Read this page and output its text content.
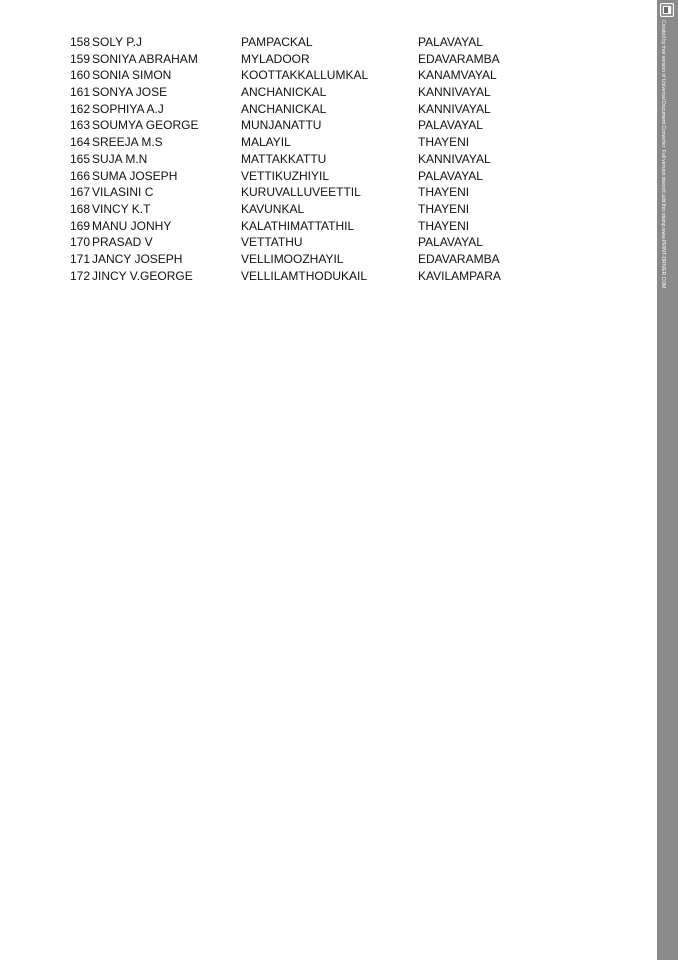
158 SOLY P.J	PAMPACKAL	PALAVAYAL
159 SONIYA ABRAHAM	MYLADOOR	EDAVARAMBA
160 SONIA SIMON	KOOTTAKKALLUMKAL	KANAMVAYAL
161 SONYA JOSE	ANCHANICKAL	KANNIVAYAL
162 SOPHIYA A.J	ANCHANICKAL	KANNIVAYAL
163 SOUMYA GEORGE	MUNJANATTU	PALAVAYAL
164 SREEJA M.S	MALAYIL	THAYENI
165 SUJA M.N	MATTAKKATTU	KANNIVAYAL
166 SUMA JOSEPH	VETTIKUZHIYIL	PALAVAYAL
167 VILASINI C	KURUVALLUVEETTIL	THAYENI
168 VINCY K.T	KAVUNKAL	THAYENI
169 MANU JONHY	KALATHIMATTATHIL	THAYENI
170 PRASAD V	VETTATHU	PALAVAYAL
171 JANCY JOSEPH	VELLIMOOZHAYIL	EDAVARAMBA
172 JINCY V.GEORGE	VELLILAMTHODUKAIL	KAVILAMPARA
Created by free version of Universal Document Converter. Full version doesn't add this stamp.
www.PRINT-DRIVER.COM
